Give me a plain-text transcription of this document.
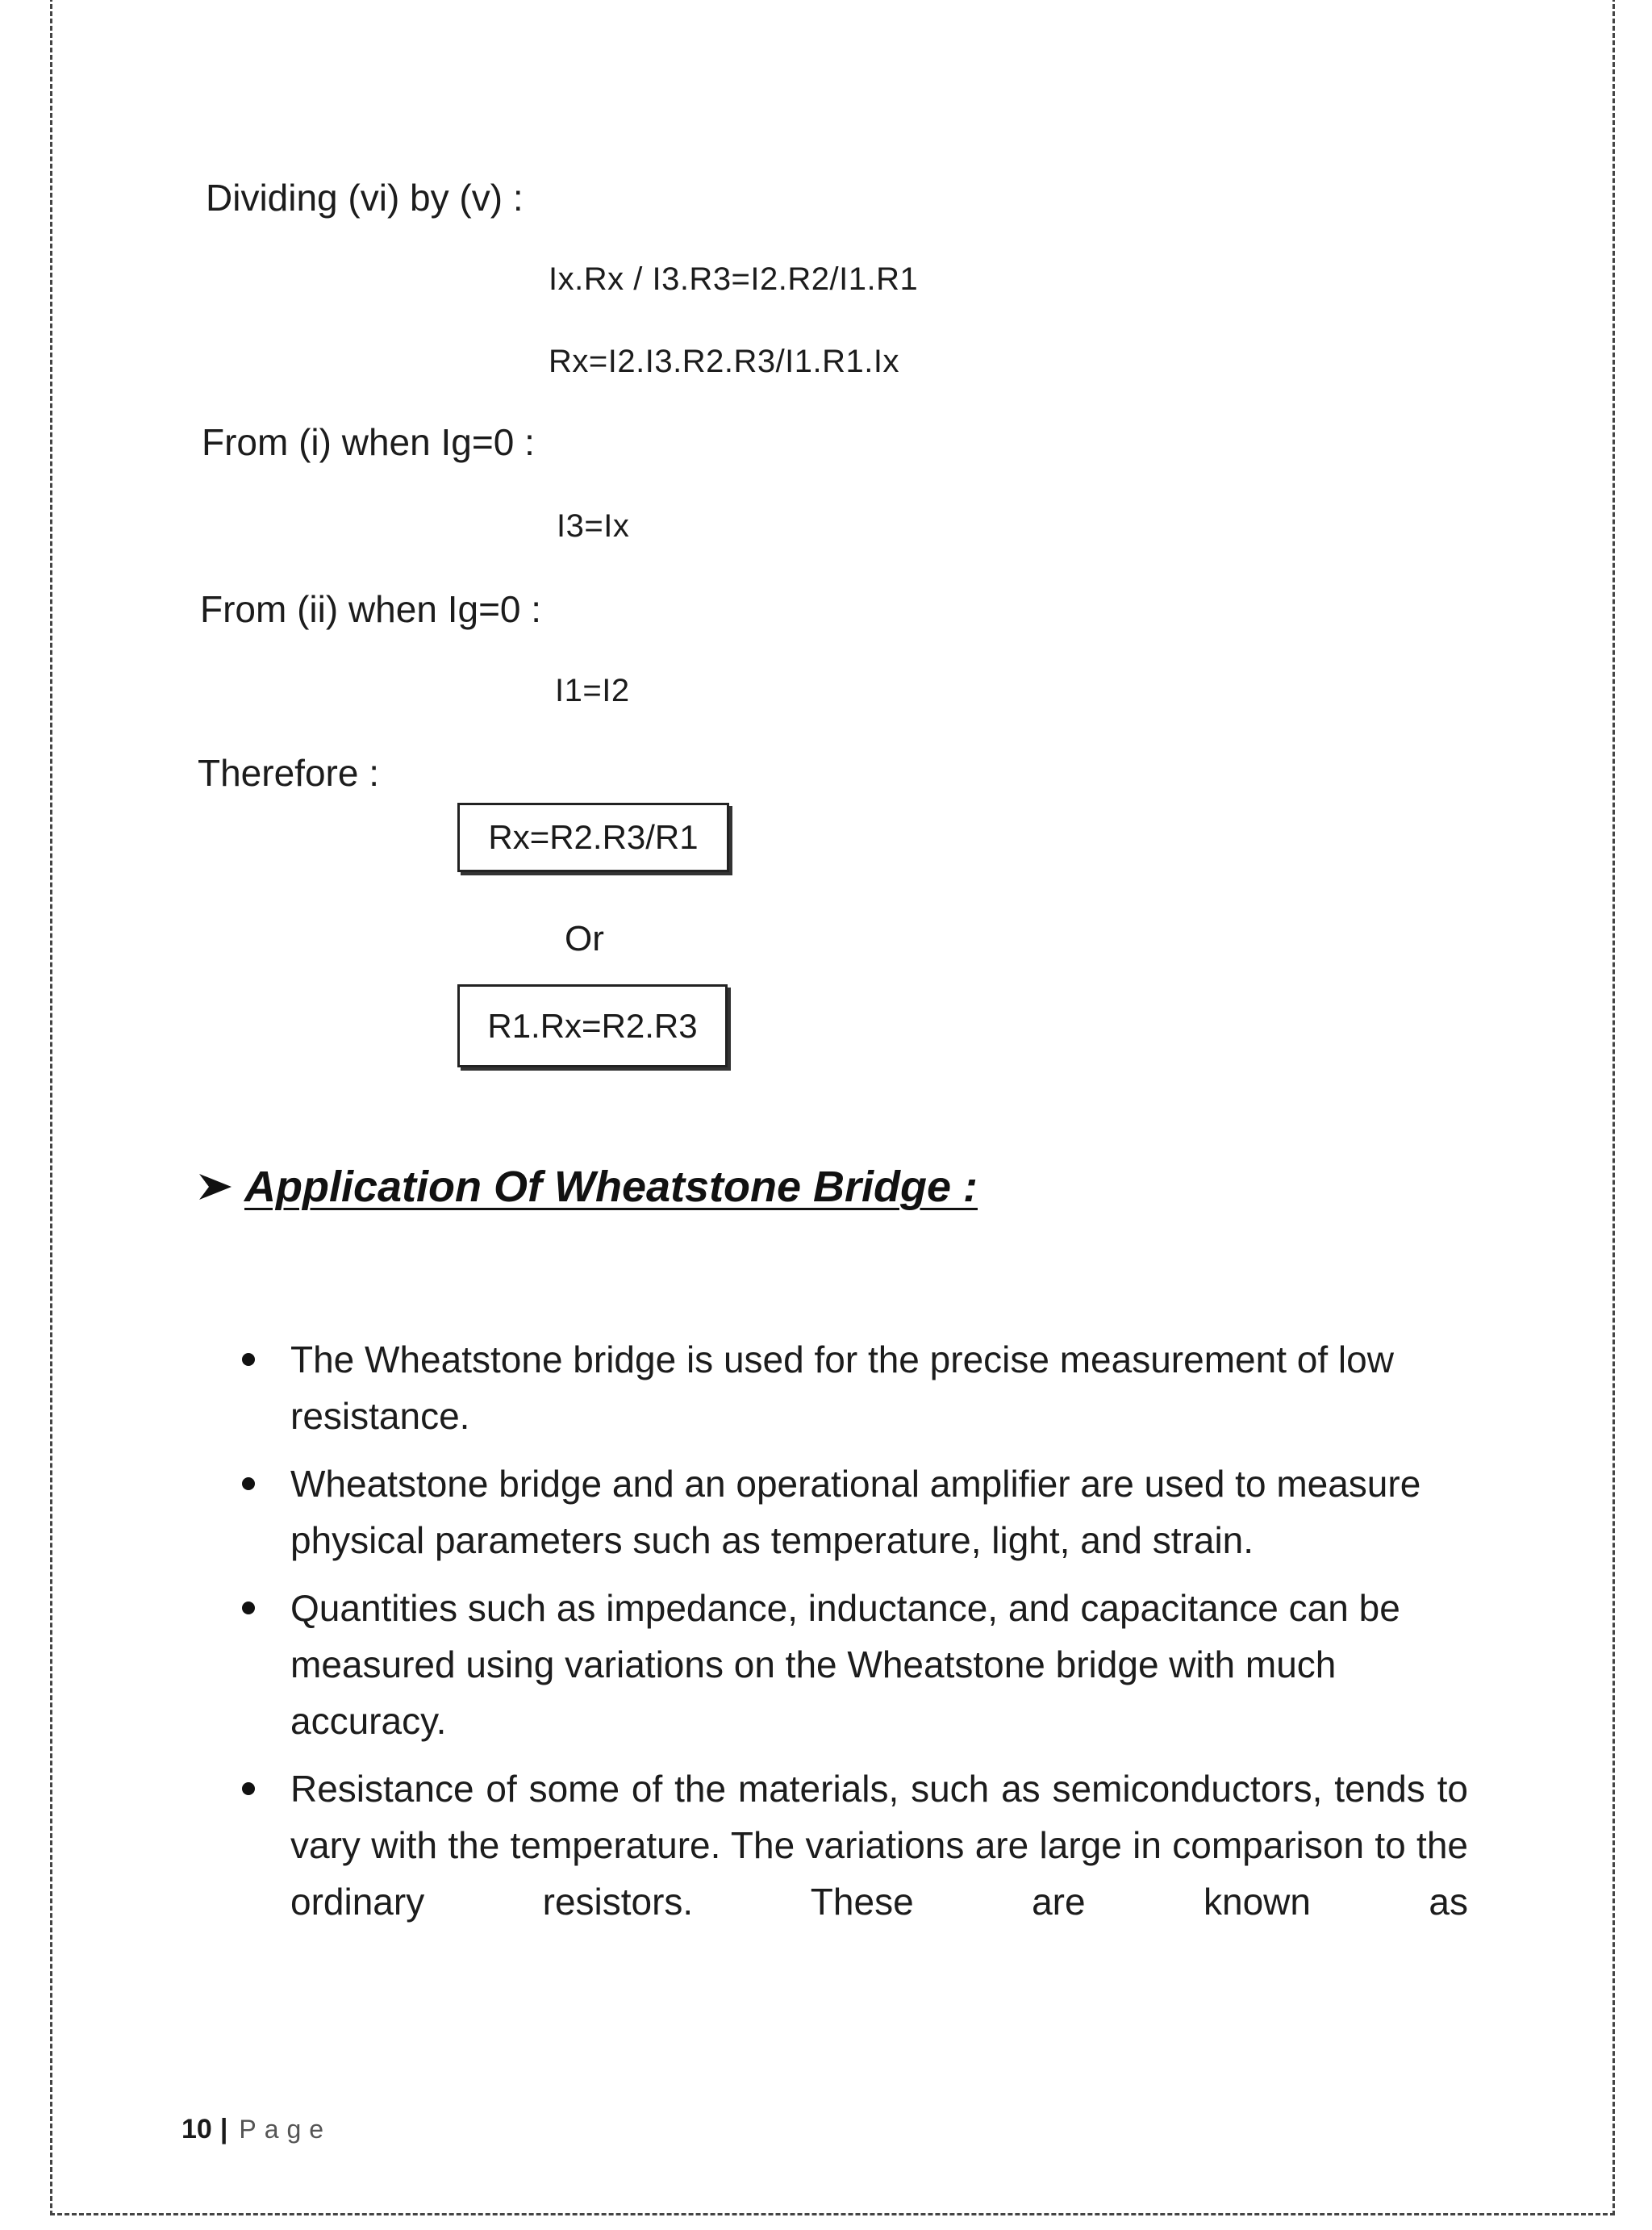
Dividing (vi) by (v) :
Ix.Rx / I3.R3=I2.R2/I1.R1
Rx=I2.I3.R2.R3/I1.R1.Ix
From (i) when Ig=0 :
I3=Ix
From (ii) when Ig=0 :
I1=I2
Therefore :
Rx=R2.R3/R1
Or
R1.Rx=R2.R3
Application Of Wheatstone Bridge :
The Wheatstone bridge is used for the precise measurement of low resistance.
Wheatstone bridge and an operational amplifier are used to measure physical parameters such as temperature, light, and strain.
Quantities such as impedance, inductance, and capacitance can be measured using variations on the Wheatstone bridge with much accuracy.
Resistance of some of the materials, such as semiconductors, tends to vary with the temperature. The variations are large in comparison to the ordinary resistors. These are known as
10 | Page
